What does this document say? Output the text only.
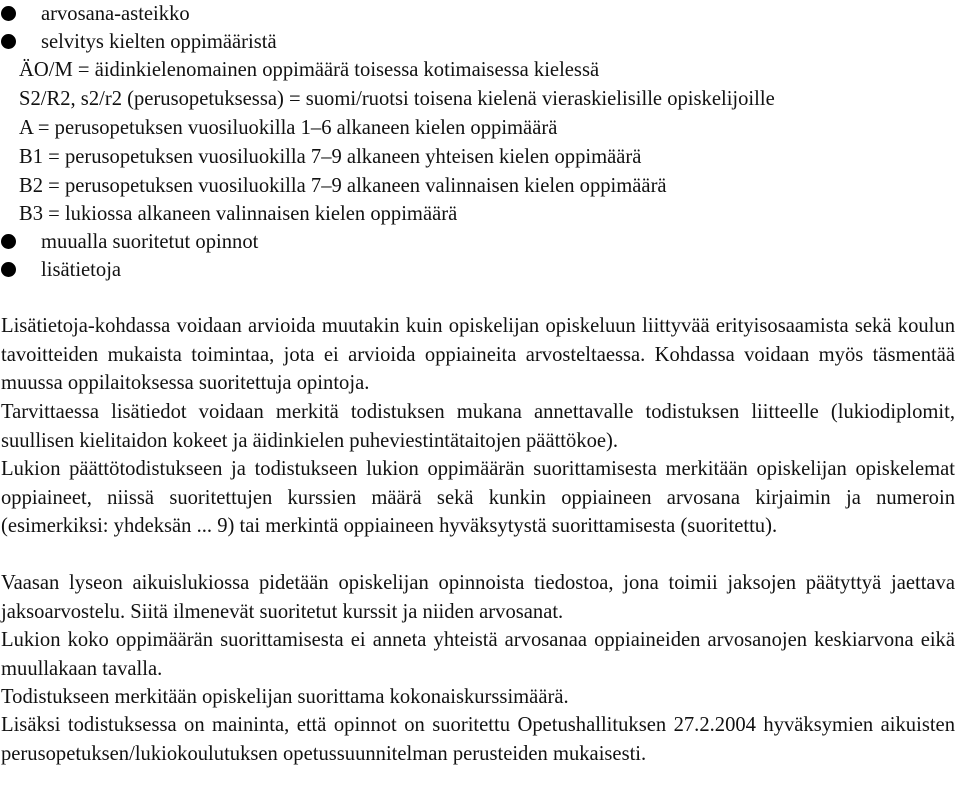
arvosana-asteikko
selvitys kielten oppimääristä
ÄO/M = äidinkielenomainen oppimäärä toisessa kotimaisessa kielessä
S2/R2, s2/r2 (perusopetuksessa) = suomi/ruotsi toisena kielenä vieraskielisille opiskelijoille
A = perusopetuksen vuosiluokilla 1–6 alkaneen kielen oppimäärä
B1 = perusopetuksen vuosiluokilla 7–9 alkaneen yhteisen kielen oppimäärä
B2 = perusopetuksen vuosiluokilla 7–9 alkaneen valinnaisen kielen oppimäärä
B3 = lukiossa alkaneen valinnaisen kielen oppimäärä
muualla suoritetut opinnot
lisätietoja
Lisätietoja-kohdassa voidaan arvioida muutakin kuin opiskelijan opiskeluun liittyvää erityisosaamista sekä koulun tavoitteiden mukaista toimintaa, jota ei arvioida oppiaineita arvosteltaessa. Kohdassa voidaan myös täsmentää muussa oppilaitoksessa suoritettuja opintoja.
Tarvittaessa lisätiedot voidaan merkitä todistuksen mukana annettavalle todistuksen liitteelle (lukiodiplomit, suullisen kielitaidon kokeet ja äidinkielen puheviestintätaitojen päättökoe).
Lukion päättötodistukseen ja todistukseen lukion oppimäärän suorittamisesta merkitään opiskelijan opiskelemat oppiaineet, niissä suoritettujen kurssien määrä sekä kunkin oppiaineen arvosana kirjaimin ja numeroin (esimerkiksi: yhdeksän ... 9) tai merkintä oppiaineen hyväksytystä suorittamisesta (suoritettu).
Vaasan lyseon aikuislukiossa pidetään opiskelijan opinnoista tiedostoa, jona toimii jaksojen päätyttyä jaettava jaksoarvostelu. Siitä ilmenevät suoritetut kurssit ja niiden arvosanat.
Lukion koko oppimäärän suorittamisesta ei anneta yhteistä arvosanaa oppiaineiden arvosanojen keskiarvona eikä muullakaan tavalla.
Todistukseen merkitään opiskelijan suorittama kokonaiskurssimäärä.
Lisäksi todistuksessa on maininta, että opinnot on suoritettu Opetushallituksen 27.2.2004 hyväksymien aikuisten perusopetuksen/lukiokoulutuksen opetussuunnitelman perusteiden mukaisesti.
